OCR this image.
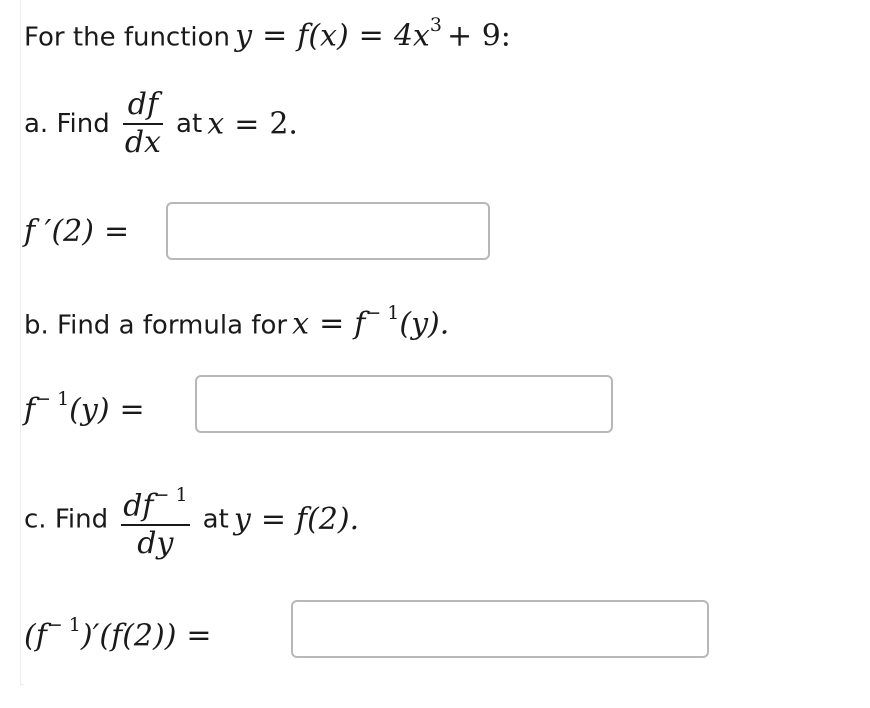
For the function $y = f(x) = 4x^3 + 9$:
a. Find $\frac{df}{dx}$ at x = 2.
f ′(2) =
b. Find a formula for $x = f^{- 1}(y)$.
$f^{- 1}(y)$ =
c. Find $\frac{df^{- 1}}{dy}$ at y = f(2).
$(f^{- 1})'(f(2))$ =
